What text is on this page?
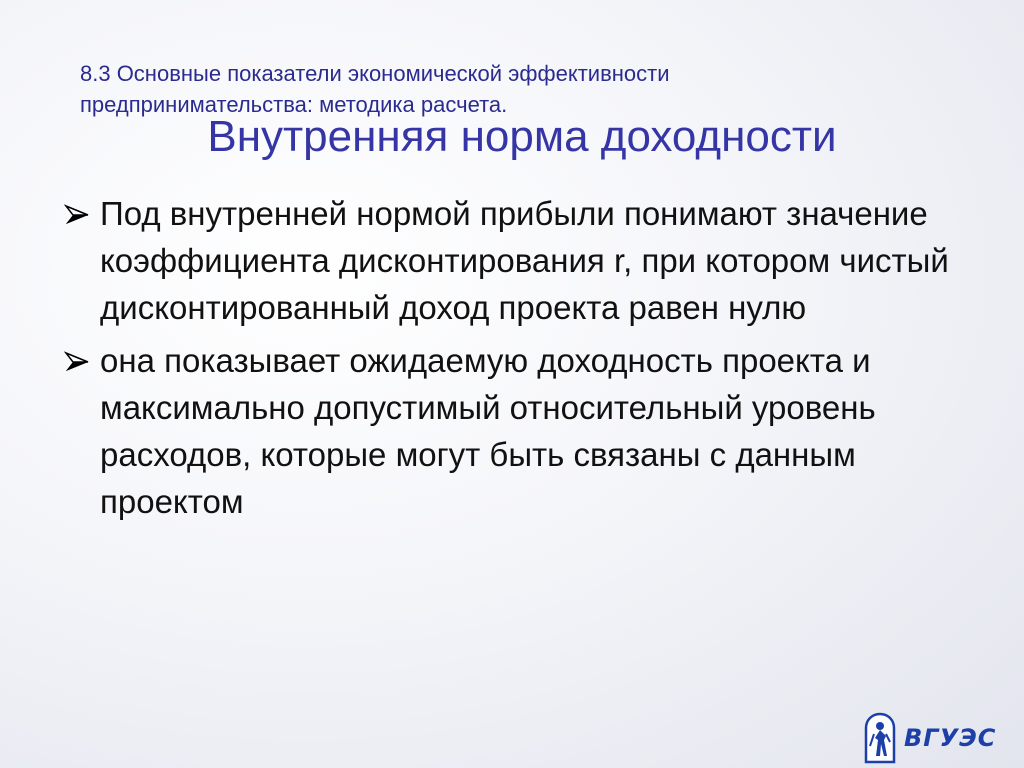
8.3 Основные показатели экономической эффективности предпринимательства: методика расчета.
Внутренняя норма доходности
Под внутренней нормой прибыли понимают значение коэффициента дисконтирования r, при котором чистый дисконтированный доход проекта равен нулю
она показывает ожидаемую доходность проекта и максимально допустимый относительный уровень расходов, которые могут быть связаны с данным проектом
ВГУЭС
